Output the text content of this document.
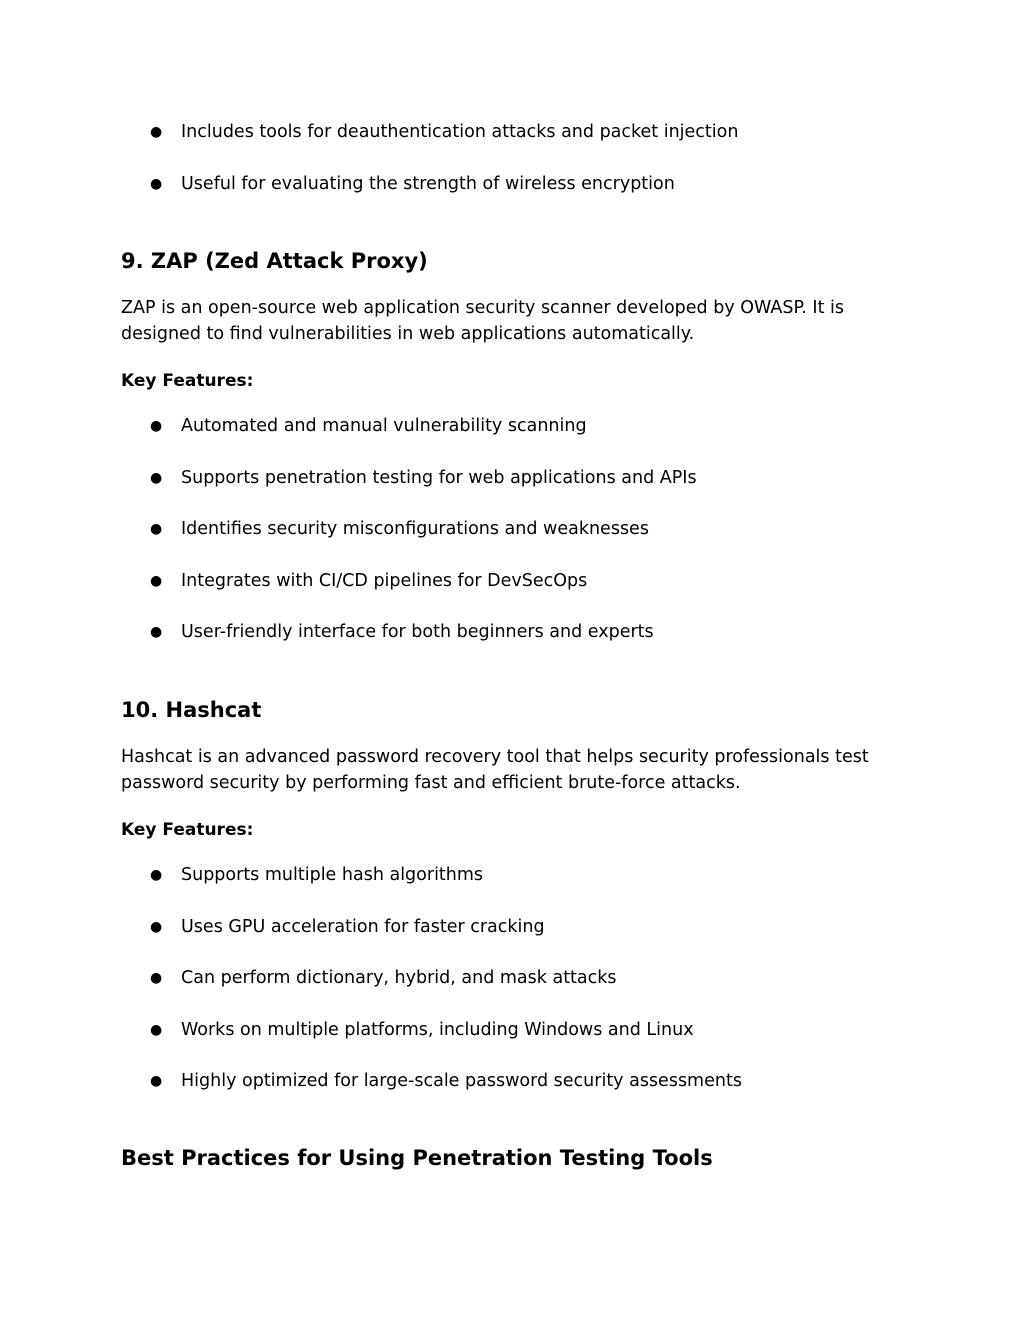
● Includes tools for deauthentication attacks and packet injection
● Useful for evaluating the strength of wireless encryption
9. ZAP (Zed Attack Proxy)

ZAP is an open-source web application security scanner developed by OWASP. It is designed to find vulnerabilities in web applications automatically.

Key Features:

● Automated and manual vulnerability scanning
● Supports penetration testing for web applications and APIs
● Identifies security misconfigurations and weaknesses
● Integrates with CI/CD pipelines for DevSecOps
● User-friendly interface for both beginners and experts
10. Hashcat

Hashcat is an advanced password recovery tool that helps security professionals test password security by performing fast and efficient brute-force attacks.

Key Features:

● Supports multiple hash algorithms
● Uses GPU acceleration for faster cracking
● Can perform dictionary, hybrid, and mask attacks
● Works on multiple platforms, including Windows and Linux
● Highly optimized for large-scale password security assessments
Best Practices for Using Penetration Testing Tools
